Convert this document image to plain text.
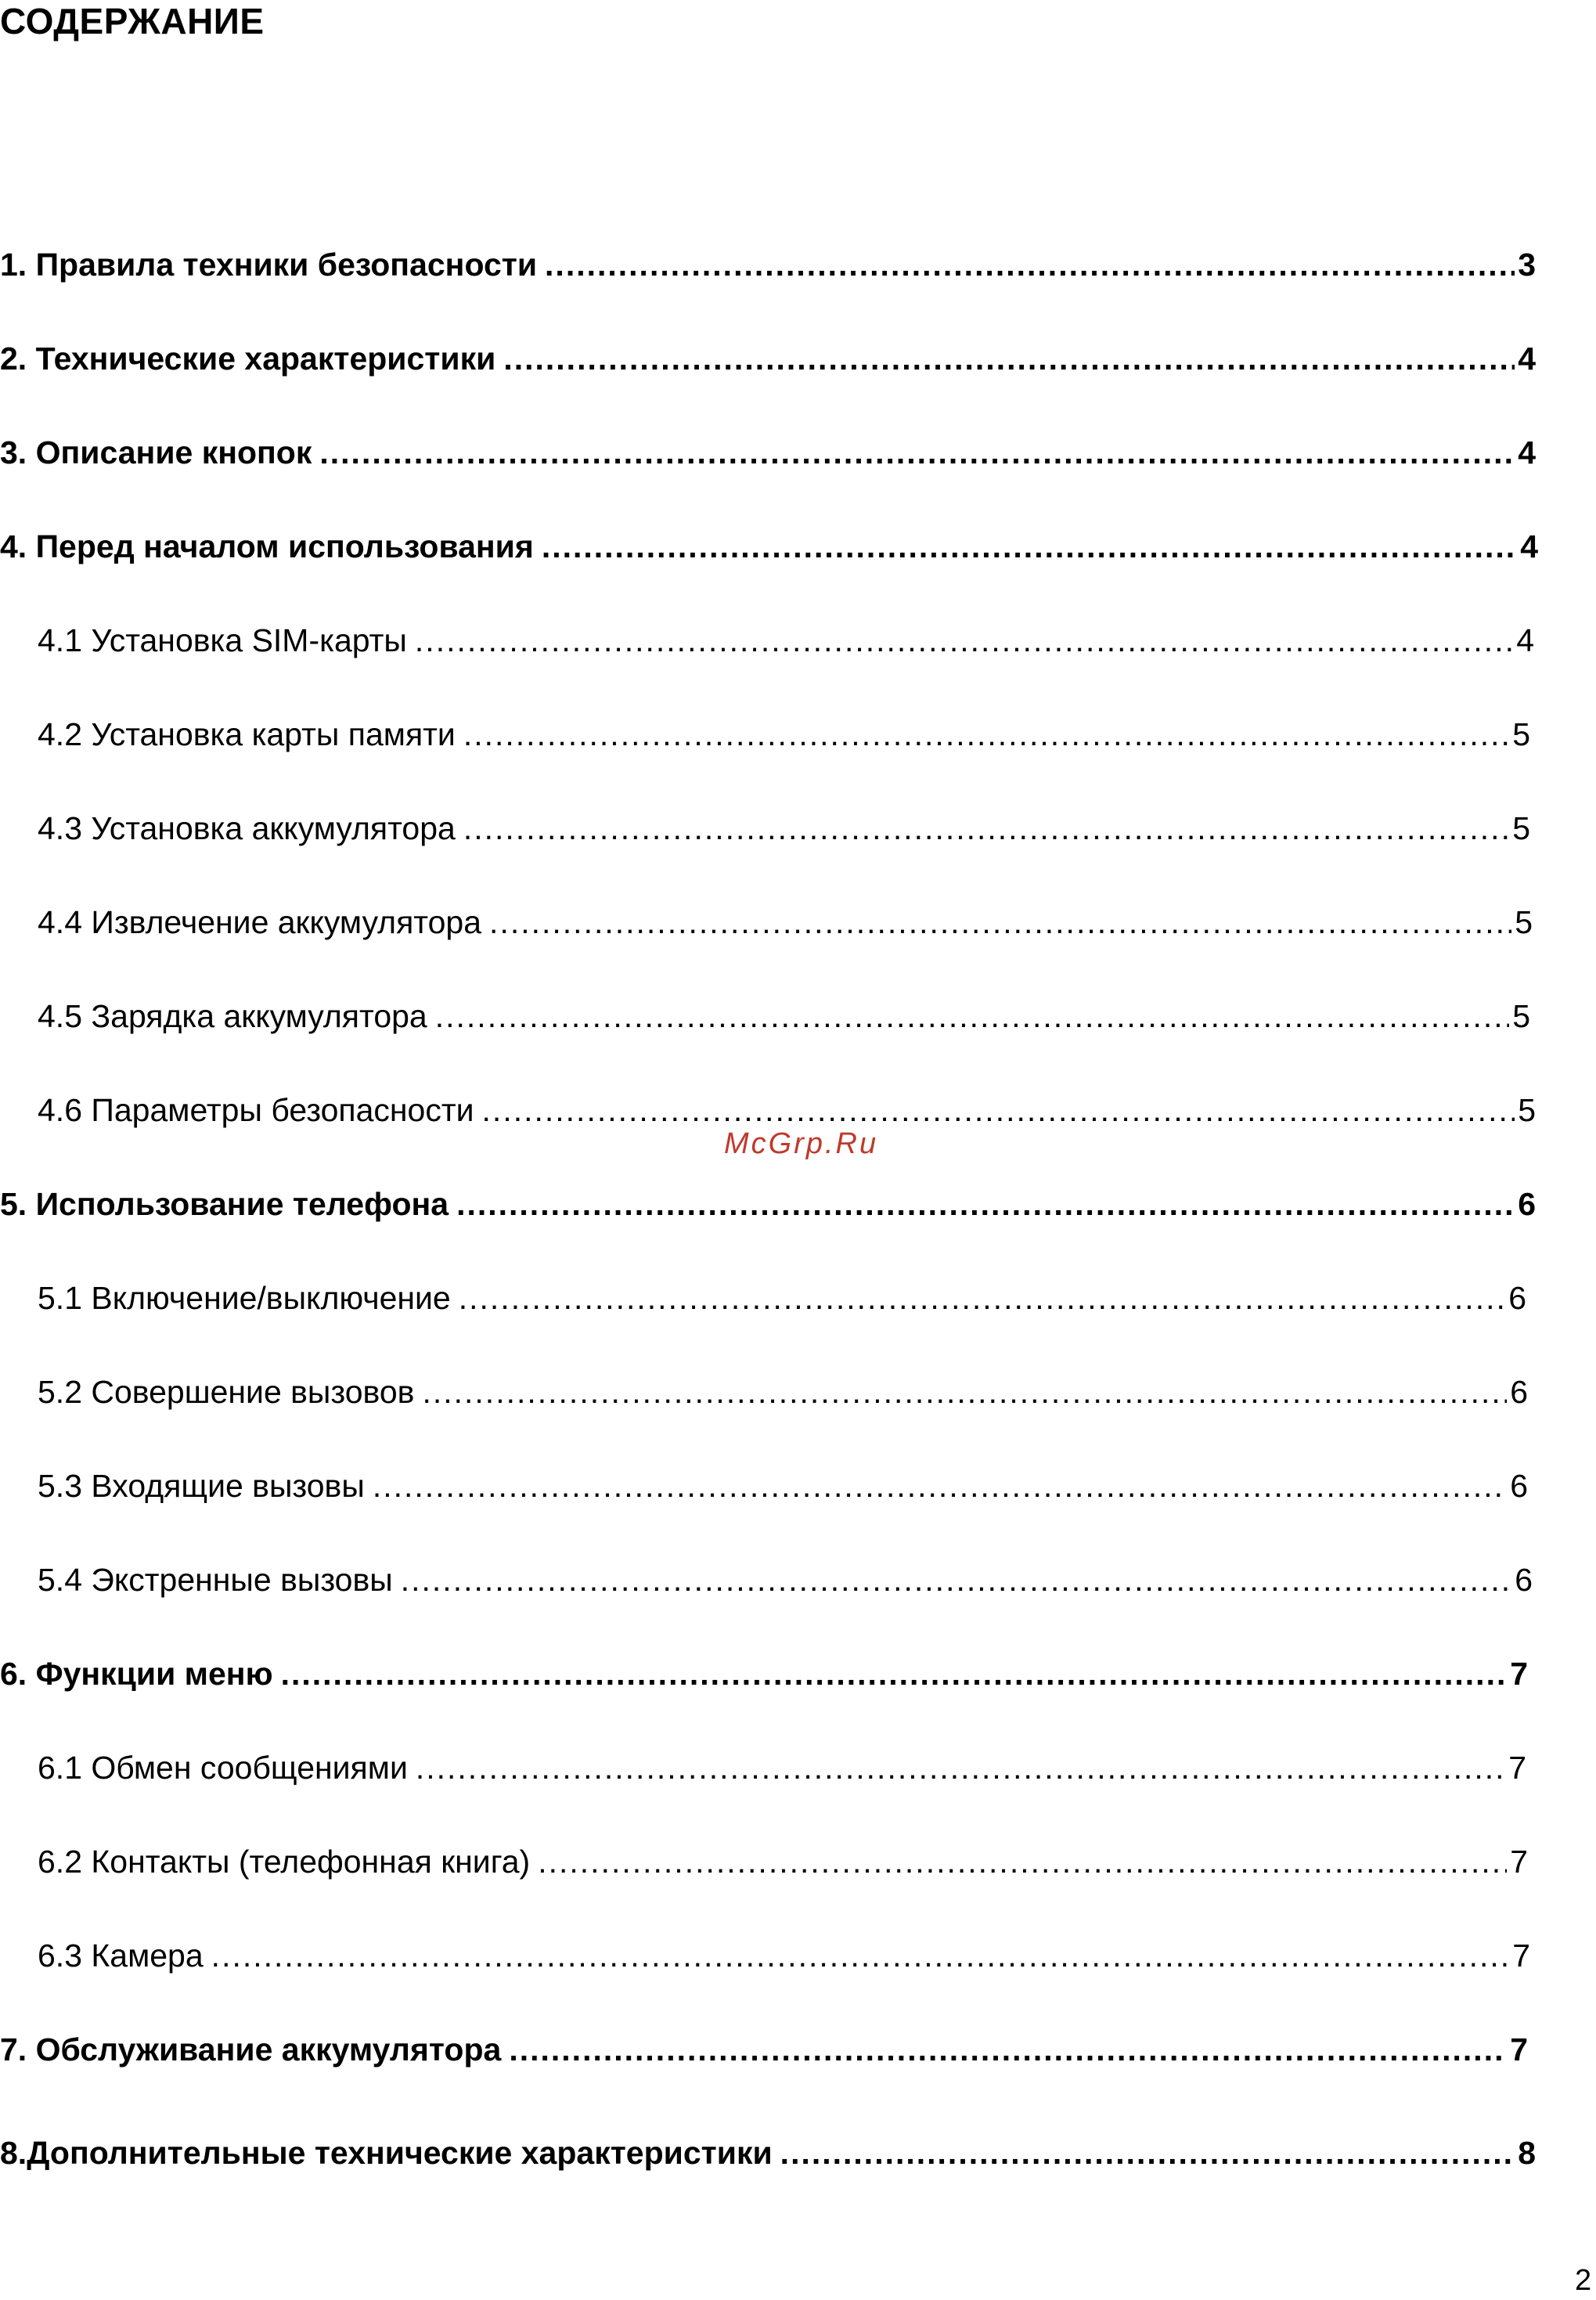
СОДЕРЖАНИЕ
1. Правила техники безопасности .....	3
2. Технические характеристики .....	4
3. Описание кнопок .....	4
4. Перед началом использования .....	4
4.1 Установка SIM-карты .....	4
4.2 Установка карты памяти .....	5
4.3 Установка аккумулятора .....	5
4.4 Извлечение аккумулятора .....	5
4.5 Зарядка аккумулятора .....	5
4.6 Параметры безопасности .....	5
5. Использование телефона .....	6
5.1 Включение/выключение .....	6
5.2 Совершение вызовов .....	6
5.3 Входящие вызовы .....	6
5.4 Экстренные вызовы .....	6
6. Функции меню .....	7
6.1 Обмен сообщениями .....	7
6.2 Контакты (телефонная книга) .....	7
6.3 Камера .....	7
7. Обслуживание аккумулятора .....	7
8.Дополнительные технические характеристики .....	8
McGrp.Ru
2
